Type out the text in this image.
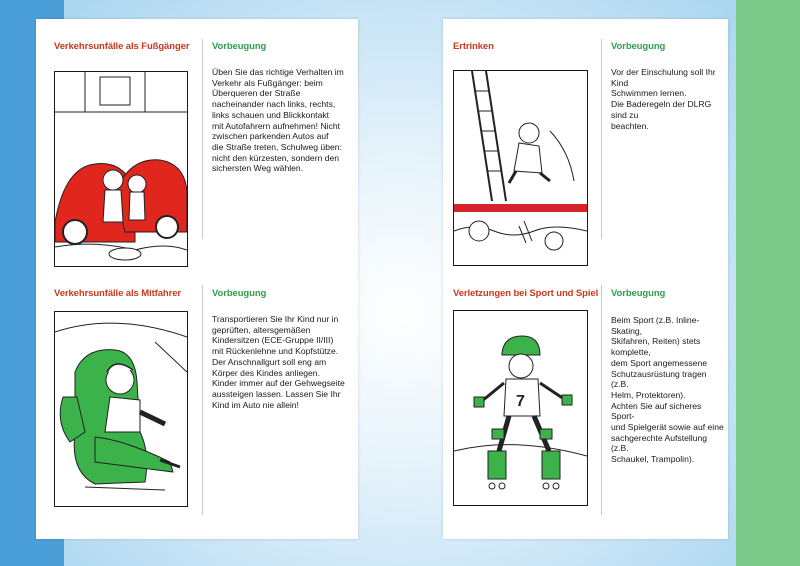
Verkehrsunfälle als Fußgänger Vorbeugung
Üben Sie das richtige Verhalten im
Verkehr als Fußgänger: beim
Überqueren der Straße
nacheinander nach links, rechts,
links schauen und Blickkontakt
mit Autofahrern aufnehmen! Nicht
zwischen parkenden Autos auf
die Straße treten, Schulweg üben:
nicht den kürzesten, sondern den
sichersten Weg wählen.
Verkehrsunfälle als Mitfahrer	Vorbeugung
Transportieren Sie Ihr Kind nur in
geprüften, altersgemäßen
Kindersitzen (ECE-Gruppe II/III)
mit Rückenlehne und Kopfstütze.
Der Anschnallgurt soll eng am
Körper des Kindes anliegen.
Kinder immer auf der Gehwegseite
aussteigen lassen. Lassen Sie Ihr
Kind im Auto nie allein!
Ertrinken	Vorbeugung
Vor der Einschulung soll Ihr Kind
Schwimmen lernen.
Die Baderegeln der DLRG sind zu
beachten.
Verletzungen bei Sport und Spiel Vorbeugung
7
Beim Sport (z.B. Inline-Skating,
Skifahren, Reiten) stets komplette,
dem Sport angemessene
Schutzausrüstung tragen (z.B.
Helm, Protektoren).
Achten Sie auf sicheres Sport-
und Spielgerät sowie auf eine
sachgerechte Aufstellung (z.B.
Schaukel, Trampolin).
